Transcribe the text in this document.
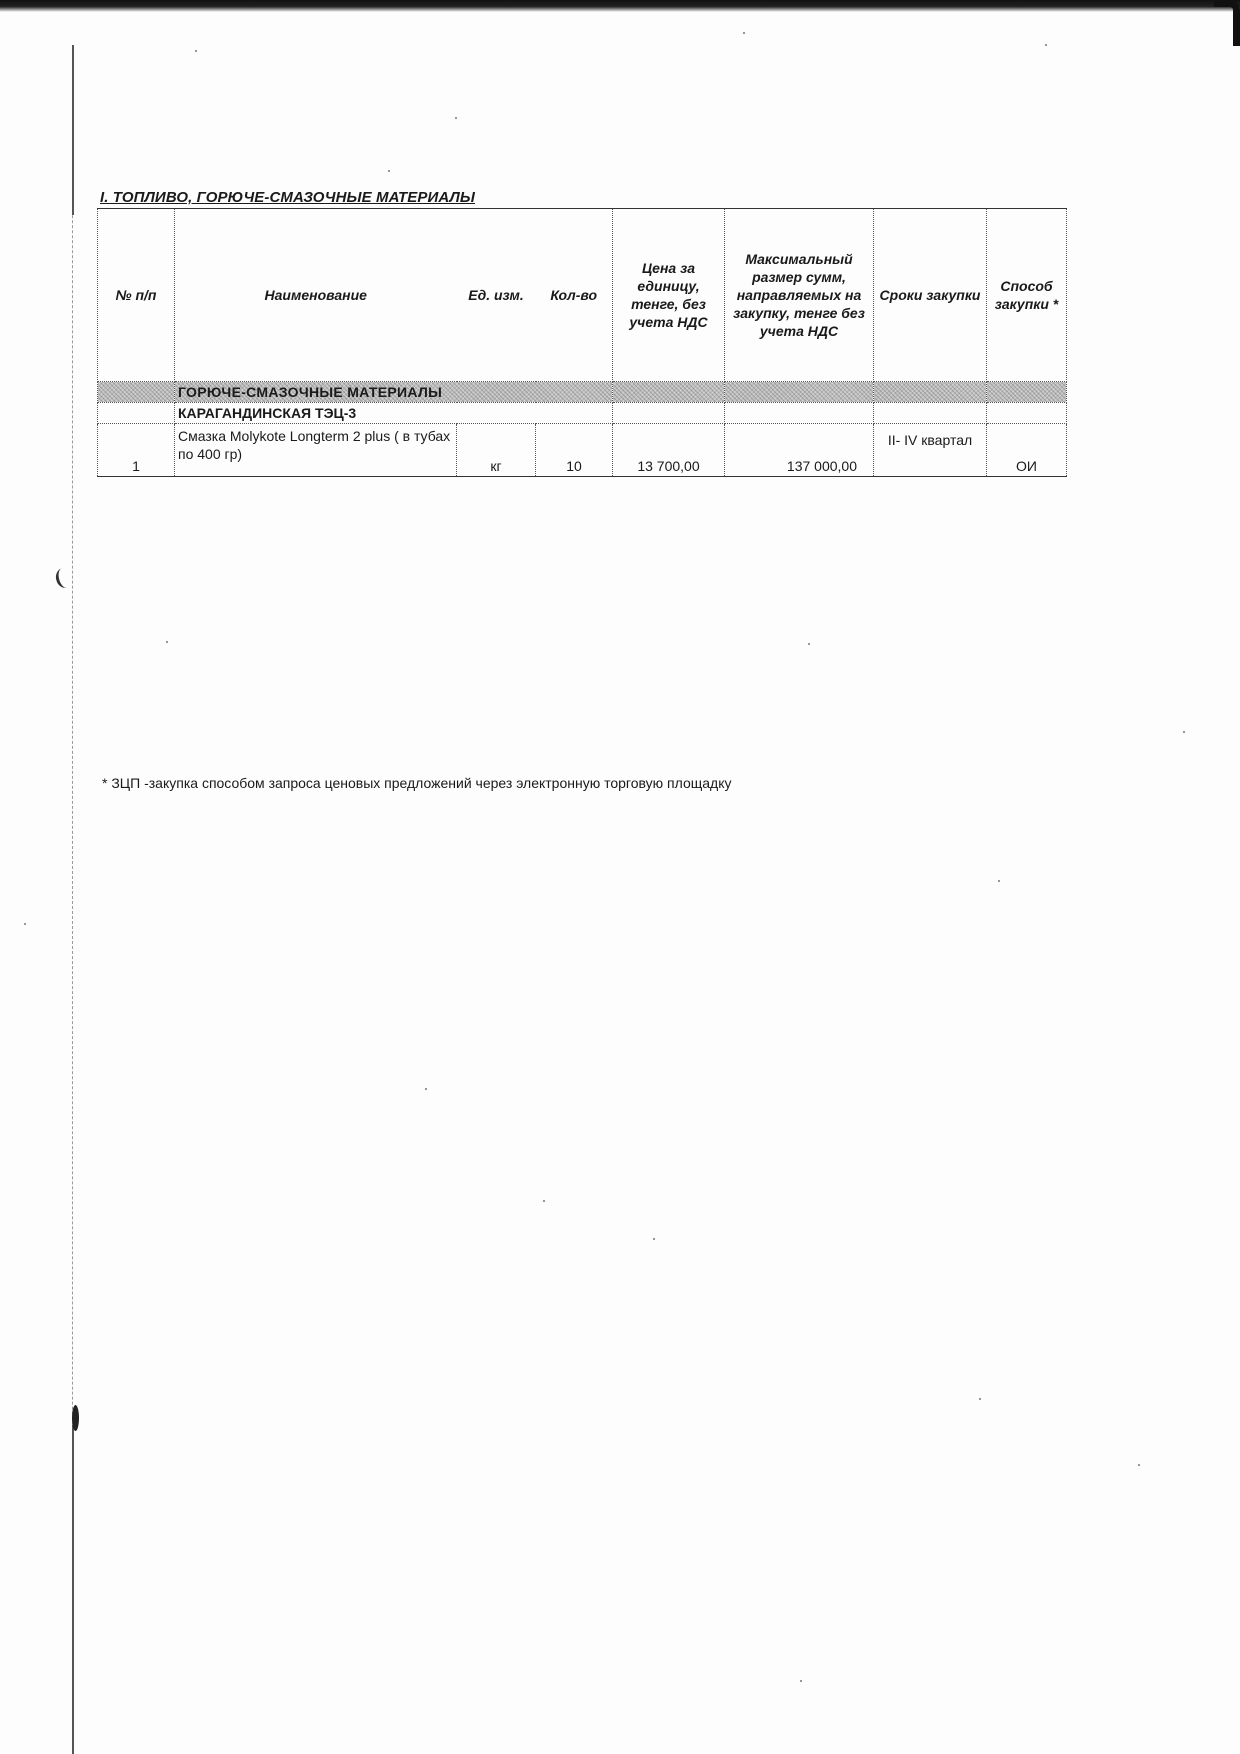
I. ТОПЛИВО, ГОРЮЧЕ-СМАЗОЧНЫЕ МАТЕРИАЛЫ
№ п/п	Наименование	Ед. изм.	Кол-во	Цена за единицу, тенге, без учета НДС	Максимальный размер сумм, направляемых на закупку, тенге без учета НДС	Сроки закупки	Способ закупки *
	ГОРЮЧЕ-СМАЗОЧНЫЕ МАТЕРИАЛЫ						
	КАРАГАНДИНСКАЯ ТЭЦ-3						
1	Смазка Molykote Longterm 2 plus ( в тубах по 400 гр)	кг	10	13 700,00	137 000,00	II- IV квартал	ОИ
* ЗЦП -закупка способом запроса ценовых предложений через электронную торговую площадку
